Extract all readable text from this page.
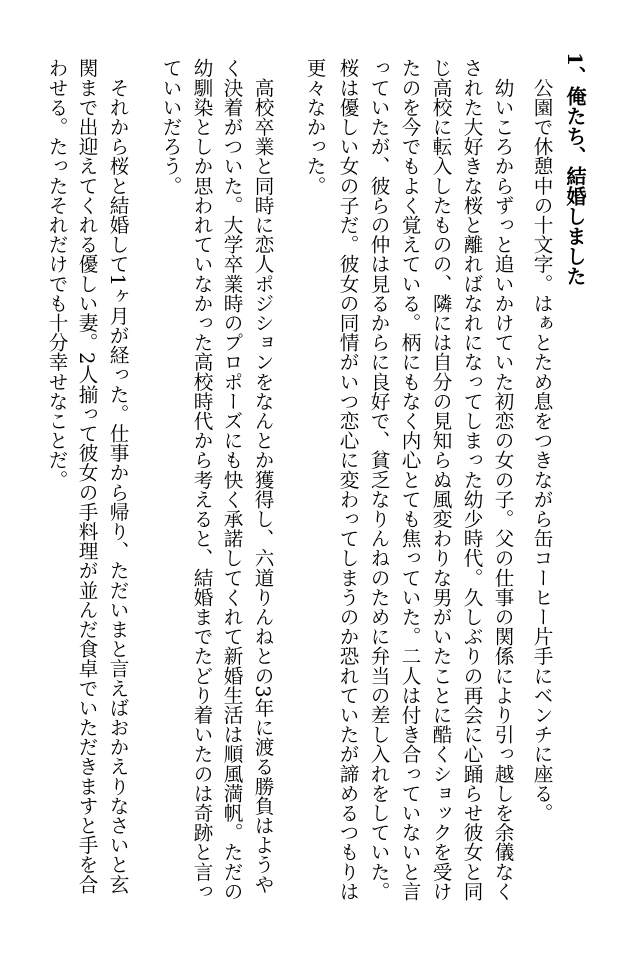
1、俺たち、結婚しました
　公園で休憩中の十文字。はぁとため息をつきながら缶コーヒー片手にベンチに座る。
　幼いころからずっと追いかけていた初恋の女の子。父の仕事の関係により引っ越しを余儀なく
された大好きな桜と離ればなれになってしまった幼少時代。久しぶりの再会に心踊らせ彼女と同
じ高校に転入したものの、隣には自分の見知らぬ風変わりな男がいたことに酷くショックを受け
たのを今でもよく覚えている。柄にもなく内心とても焦っていた。二人は付き合っていないと言
っていたが、彼らの仲は見るからに良好で、貧乏なりんねのために弁当の差し入れをしていた。
桜は優しい女の子だ。彼女の同情がいつ恋心に変わってしまうのか恐れていたが諦めるつもりは
更々なかった。
　高校卒業と同時に恋人ポジションをなんとか獲得し、六道りんねとの3年に渡る勝負はようや
く決着がついた。大学卒業時のプロポーズにも快く承諾してくれて新婚生活は順風満帆。ただの
幼馴染としか思われていなかった高校時代から考えると、結婚までたどり着いたのは奇跡と言っ
ていいだろう。
　それから桜と結婚して1ヶ月が経った。仕事から帰り、ただいまと言えばおかえりなさいと玄
関まで出迎えてくれる優しい妻。2人揃って彼女の手料理が並んだ食卓でいただきますと手を合
わせる。たったそれだけでも十分幸せなことだ。
